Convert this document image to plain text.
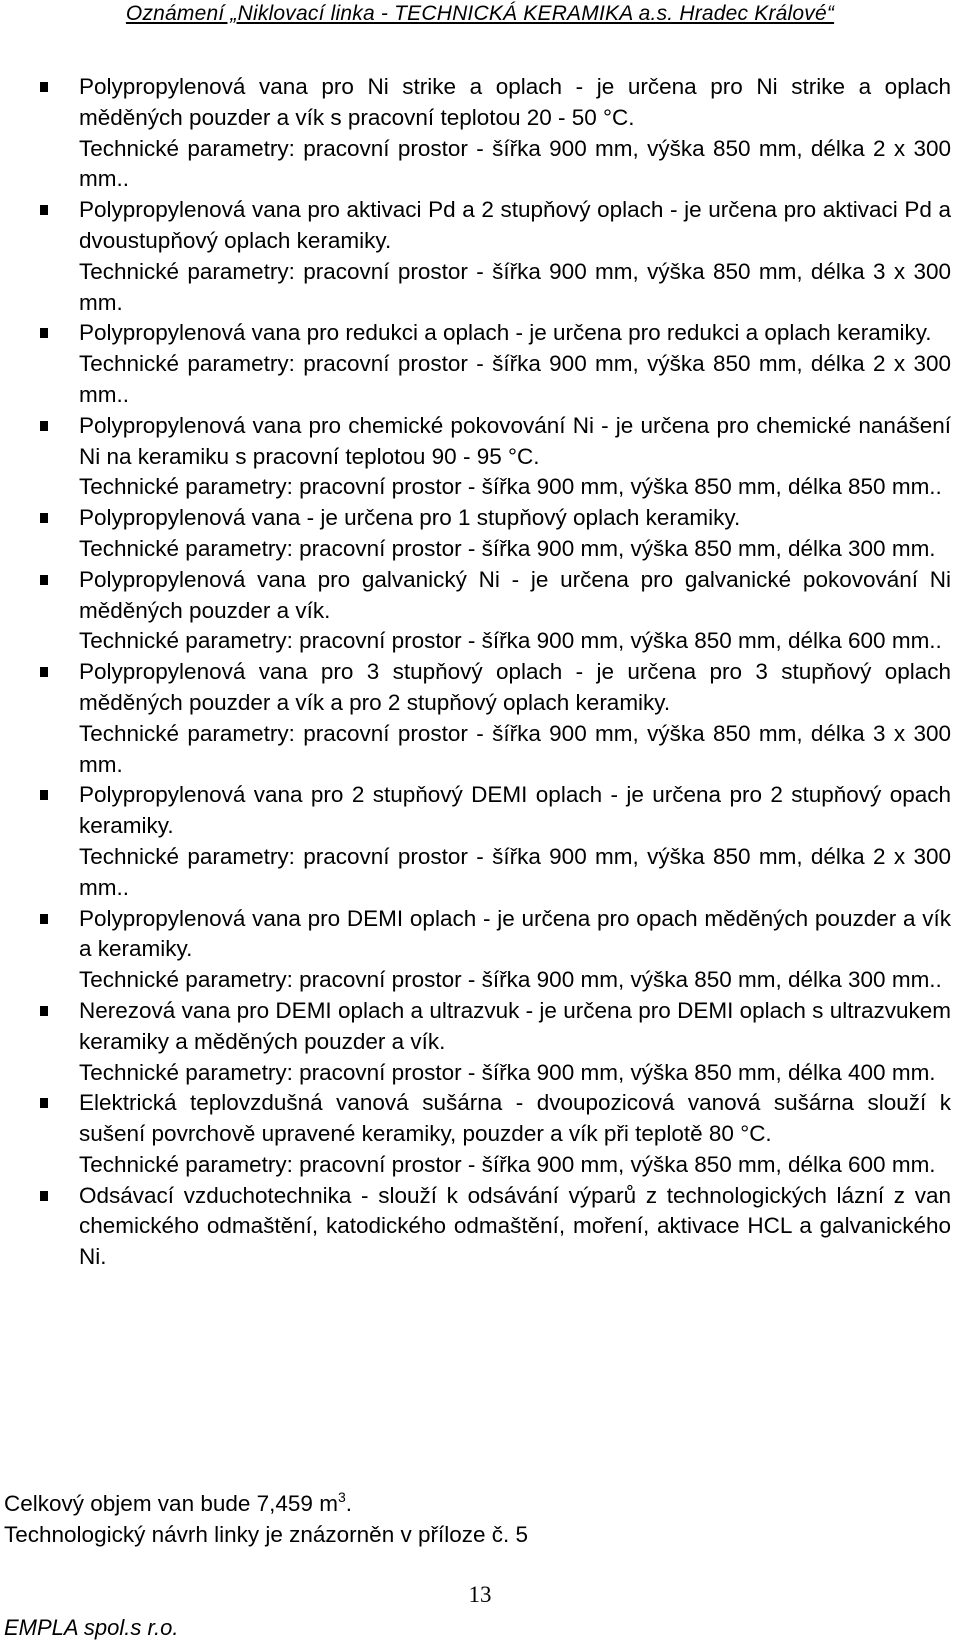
Oznámení „Niklovací linka - TECHNICKÁ KERAMIKA a.s. Hradec Králové“

Polypropylenová vana pro Ni strike a oplach - je určena pro Ni strike a oplach měděných pouzder a vík s pracovní teplotou 20 - 50 °C.

Technické parametry: pracovní prostor - šířka 900 mm, výška 850 mm, délka 2 x 300 mm..

Polypropylenová vana pro aktivaci Pd a 2 stupňový oplach - je určena pro aktivaci Pd a dvoustupňový oplach keramiky.

Technické parametry: pracovní prostor - šířka 900 mm, výška 850 mm, délka 3 x 300 mm.

Polypropylenová vana pro redukci a oplach - je určena pro redukci a oplach keramiky.

Technické parametry: pracovní prostor - šířka 900 mm, výška 850 mm, délka 2 x 300 mm..

Polypropylenová vana pro chemické pokovování Ni - je určena pro chemické nanášení Ni na keramiku s pracovní teplotou 90 - 95 °C.

Technické parametry: pracovní prostor - šířka 900 mm, výška 850 mm, délka 850 mm..

Polypropylenová vana - je určena pro 1 stupňový oplach keramiky.

Technické parametry: pracovní prostor - šířka 900 mm, výška 850 mm, délka 300 mm.

Polypropylenová vana pro galvanický Ni - je určena pro galvanické pokovování Ni měděných pouzder a vík.

Technické parametry: pracovní prostor - šířka 900 mm, výška 850 mm, délka 600 mm..

Polypropylenová vana pro 3 stupňový oplach - je určena pro 3 stupňový oplach měděných pouzder a vík a pro 2 stupňový oplach keramiky.

Technické parametry: pracovní prostor - šířka 900 mm, výška 850 mm, délka 3 x 300 mm.

Polypropylenová vana pro 2 stupňový DEMI oplach - je určena pro 2 stupňový opach keramiky.

Technické parametry: pracovní prostor - šířka 900 mm, výška 850 mm, délka 2 x 300 mm..

Polypropylenová vana pro DEMI oplach - je určena pro opach měděných pouzder a vík a keramiky.

Technické parametry: pracovní prostor - šířka 900 mm, výška 850 mm, délka 300 mm..

Nerezová vana pro DEMI oplach a ultrazvuk - je určena pro DEMI oplach s ultrazvukem keramiky a měděných pouzder a vík.

Technické parametry: pracovní prostor - šířka 900 mm, výška 850 mm, délka 400 mm.

Elektrická teplovzdušná vanová sušárna - dvoupozicová vanová sušárna slouží k sušení povrchově upravené keramiky, pouzder a vík při teplotě 80 °C.

Technické parametry: pracovní prostor - šířka 900 mm, výška 850 mm, délka 600 mm.

Odsávací vzduchotechnika - slouží k odsávání výparů z technologických lázní z van chemického odmaštění, katodického odmaštění, moření, aktivace HCL a galvanického Ni.

Celkový objem van bude 7,459 $m^3$.
Technologický návrh linky je znázorněn v příloze č. 5
13
EMPLA spol.s r.o.
